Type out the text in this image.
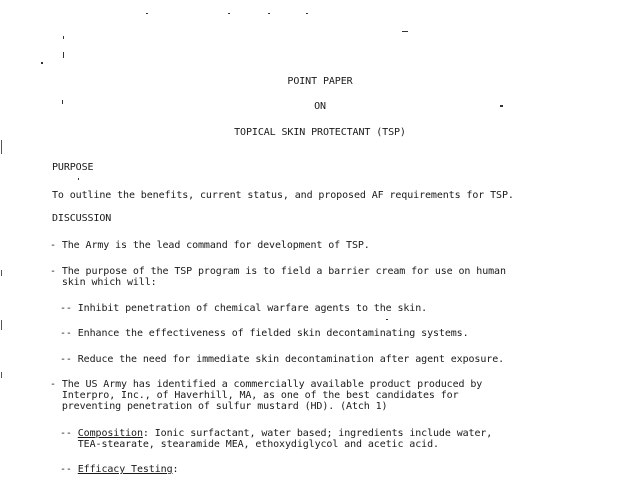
POINT PAPER
ON
TOPICAL SKIN PROTECTANT (TSP)
PURPOSE
To outline the benefits, current status, and proposed AF requirements for TSP.
DISCUSSION
- The Army is the lead command for development of TSP.
- The purpose of the TSP program is to field a barrier cream for use on human
skin which will:
-- Inhibit penetration of chemical warfare agents to the skin.
-- Enhance the effectiveness of fielded skin decontaminating systems.
-- Reduce the need for immediate skin decontamination after agent exposure.
- The US Army has identified a commercially available product produced by
Interpro, Inc., of Haverhill, MA, as one of the best candidates for
preventing penetration of sulfur mustard (HD). (Atch 1)
-- Composition: Ionic surfactant, water based; ingredients include water,
TEA-stearate, stearamide MEA, ethoxydiglycol and acetic acid.
-- Efficacy Testing:
